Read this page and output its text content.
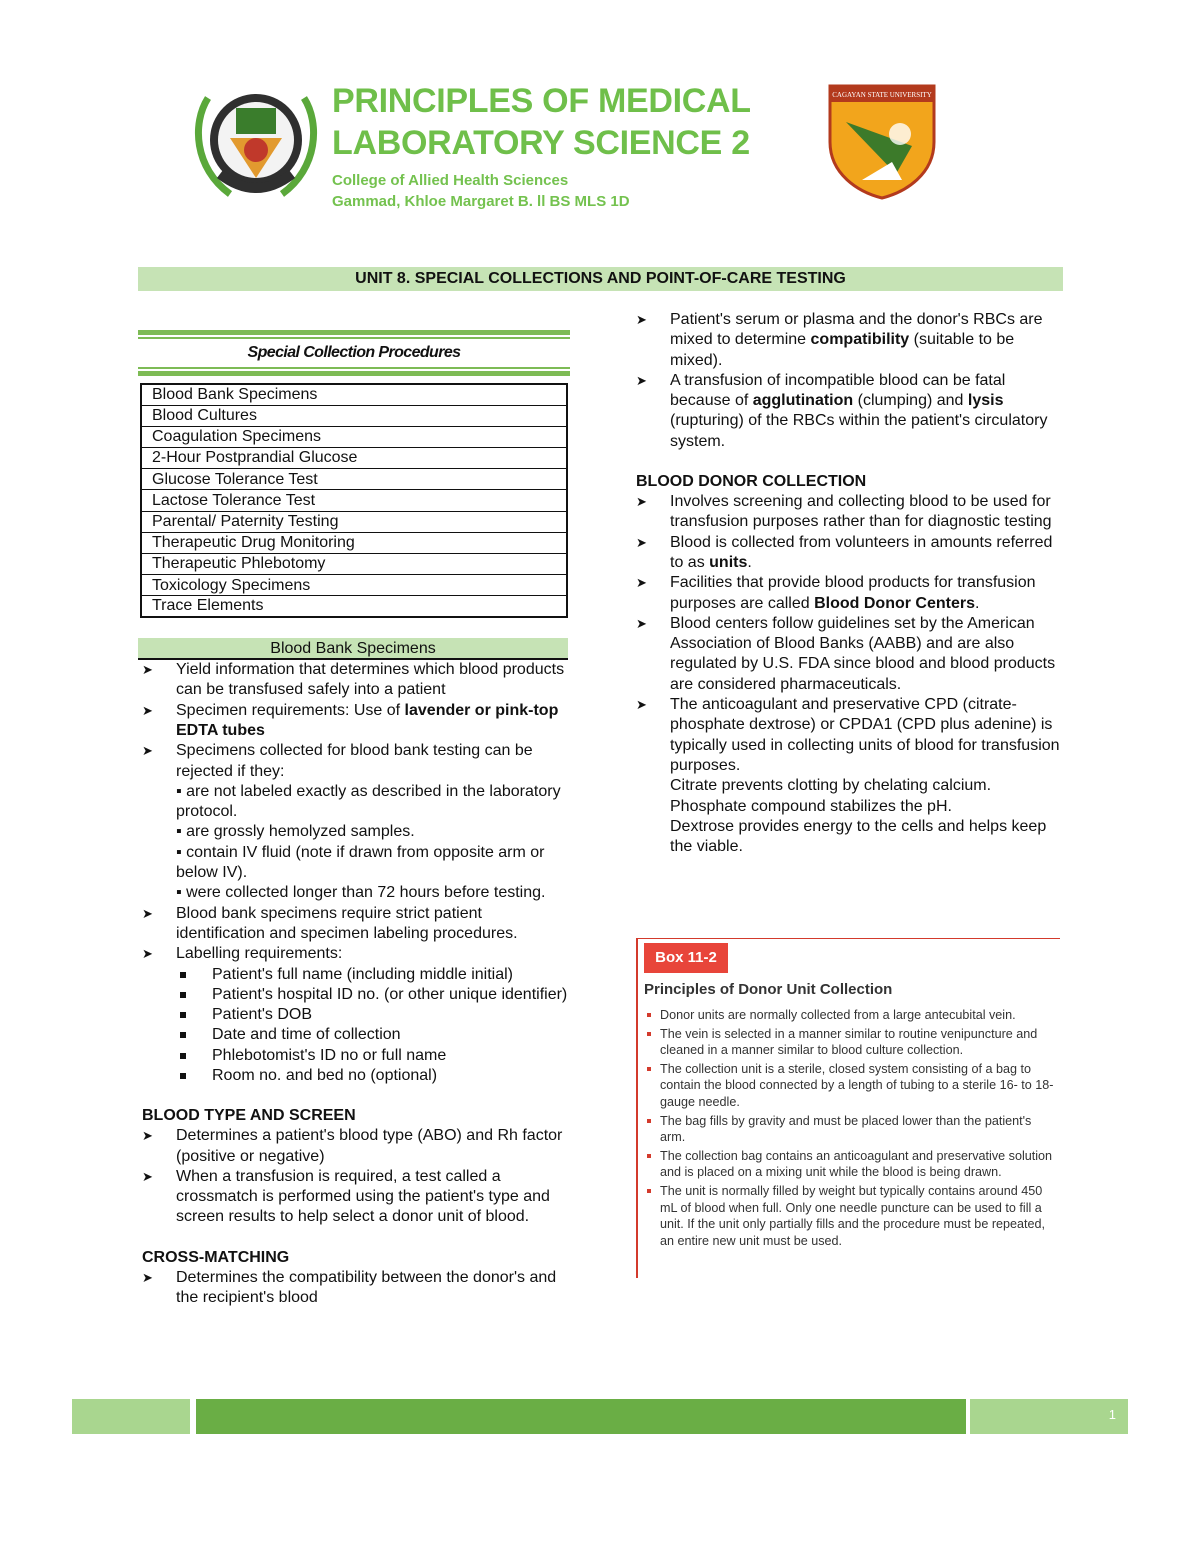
PRINCIPLES OF MEDICAL
LABORATORY SCIENCE 2
College of Allied Health Sciences
Gammad, Khloe Margaret B. ll BS MLS 1D
CAGAYAN STATE UNIVERSITY
UNIT 8. SPECIAL COLLECTIONS AND POINT-OF-CARE TESTING
Special Collection Procedures
Blood Bank Specimens
Blood Cultures
Coagulation Specimens
2-Hour Postprandial Glucose
Glucose Tolerance Test
Lactose Tolerance Test
Parental/ Paternity Testing
Therapeutic Drug Monitoring
Therapeutic Phlebotomy
Toxicology Specimens
Trace Elements
Blood Bank Specimens
➤ Yield information that determines which blood products can be transfused safely into a patient
➤ Specimen requirements: Use of lavender or pink-top EDTA tubes
➤ Specimens collected for blood bank testing can be rejected if they:
▪ are not labeled exactly as described in the laboratory protocol.
▪ are grossly hemolyzed samples.
▪ contain IV fluid (note if drawn from opposite arm or below IV).
▪ were collected longer than 72 hours before testing.
➤ Blood bank specimens require strict patient identification and specimen labeling procedures.
➤ Labelling requirements:
Patient's full name (including middle initial)
Patient's hospital ID no. (or other unique identifier)
Patient's DOB
Date and time of collection
Phlebotomist's ID no or full name
Room no. and bed no (optional)
BLOOD TYPE AND SCREEN
➤ Determines a patient's blood type (ABO) and Rh factor (positive or negative)
➤ When a transfusion is required, a test called a crossmatch is performed using the patient's type and screen results to help select a donor unit of blood.
CROSS-MATCHING
➤ Determines the compatibility between the donor's and the recipient's blood
➤ Patient's serum or plasma and the donor's RBCs are mixed to determine compatibility (suitable to be mixed).
➤ A transfusion of incompatible blood can be fatal because of agglutination (clumping) and lysis (rupturing) of the RBCs within the patient's circulatory system.
BLOOD DONOR COLLECTION
➤ Involves screening and collecting blood to be used for transfusion purposes rather than for diagnostic testing
➤ Blood is collected from volunteers in amounts referred to as units.
➤ Facilities that provide blood products for transfusion purposes are called Blood Donor Centers.
➤ Blood centers follow guidelines set by the American Association of Blood Banks (AABB) and are also regulated by U.S. FDA since blood and blood products are considered pharmaceuticals.
➤ The anticoagulant and preservative CPD (citrate-phosphate dextrose) or CPDA1 (CPD plus adenine) is typically used in collecting units of blood for transfusion purposes.
Citrate prevents clotting by chelating calcium.
Phosphate compound stabilizes the pH.
Dextrose provides energy to the cells and helps keep the viable.
Box 11-2
Principles of Donor Unit Collection
Donor units are normally collected from a large antecubital vein.
The vein is selected in a manner similar to routine venipuncture and cleaned in a manner similar to blood culture collection.
The collection unit is a sterile, closed system consisting of a bag to contain the blood connected by a length of tubing to a sterile 16- to 18-gauge needle.
The bag fills by gravity and must be placed lower than the patient's arm.
The collection bag contains an anticoagulant and preservative solution and is placed on a mixing unit while the blood is being drawn.
The unit is normally filled by weight but typically contains around 450 mL of blood when full. Only one needle puncture can be used to fill a unit. If the unit only partially fills and the procedure must be repeated, an entire new unit must be used.
1
